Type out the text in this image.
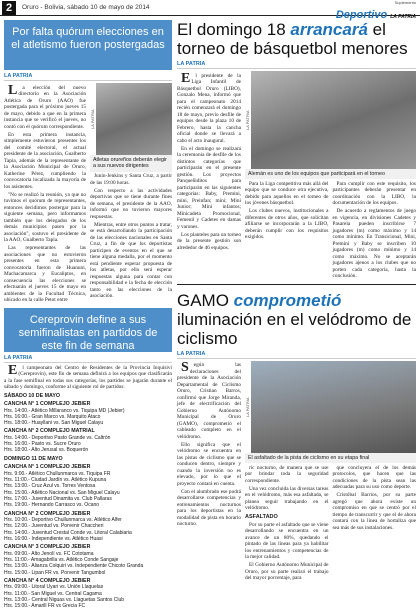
2	Oruro - Bolivia, sábado 10 de mayo de 2014
Suplemento
Deportivo LA PATRIA
Por falta quórum elecciones en el atletismo fueron postergadas
LA PATRIA

La elección del nuevo directorio en la Asociación Atlética de Oruro (AAO) fue postergada para el próximo jueves 15 de mayo, debido a que en la primera instancia que se verificó el jueves, no contó con el quórum correspondiente.

En esta primera instancia, simplemente estuvieron presentes los del comité electoral, el actual presidente de la asociación, Gualberto Tapia, además de la representante de la Asociación Municipal de Oruro, Katherine Pérez, cumpliendo la convocatoria localizada la mayoría de los asistentes.

"No se realizó la reunión, ya que no tuvimos el quórum de representantes, entonces decidimos postergar para la siguiente semana, pero informamos también que los delegados de los demás municipios pasen por la asociación", sostuvo el presidente de la AAO, Gualberto Tapia.

Las representantes de las asociaciones que no estuvieron presentes en esta primera convocatoria fueron de Huanuni, Machacamarca y Eucaliptos, en consecuencia las elecciones se efectuarán el jueves 15 de mayo en ambientes de la Facultad Técnica, ubicado en la calle Petot entre

LA PATRIA
Atletas orureños deberán elegir a sus nuevos dirigentes

Junín-Jenkins y Santa Cruz, a partir de las 19:00 horas.

Con respecto a las actividades deportivas que se tiene durante fines de semana, el presidente de la AAO, informó que no tuvieron mayores respuestas.

Mientras, entre otros puntos a tratar, se está desarrollando la participación de las elecciones nacionales en Santa Cruz, a fin de que los deportistas participen de eventos en el que se tiene alguna medalla, por el momento está pendiente esperar propuesta de los atletas, por ello será esperar respuestas alguna para contar con responsabilidad e la fecha de elección tanto en las elecciones de la asociación.

Cereprovin define a sus semifinalistas en partidos de este fin de semana
LA PATRIA

El campeonato del Centro de Residentes de la Provincia Inquisivi (Cereprovin), este fin de semana definirá a los equipos que clasificarán a la fase semifinal en todas sus categorías, los partidos se jugarán durante el sábado y domingo, conforme al siguiente rol de partidos:

SÁBADO 10 DE MAYO
CANCHA N° 1 COMPLEJO JEBIER
Hrs. 14:00.- Atlético Millaranco vs. Tiquipa MD (Jebier)
Hrs. 16:00.- Gran Marco vs. Marquito Ataco
Hrs. 18:00.- Huayllani vs. San Miguel Calayu
CANCHA N° 2 COMPLEJO MATRIAL
Hrs. 14:00.- Deportivo Pasto Grande vs. Caltrón
Hrs. 16:00.- Pasto vs. Sucre Oruro
Hrs. 18:00.- Alto Jerusal vs. Boquerón
DOMINGO 11 DE MAYO
CANCHA N° 1 COMPLEJO JEBIER
Hrs. 9:00.- Atlético Chullunmarca vs. Tiquipa FR
Hrs. 11:00.- Ciudad Jardín vs. Atlético Kupuna
Hrs. 13:00.- Cruz Azul vs. Torres Ventosa
Hrs. 15:00.- Atlético Nacional vs. San Miguel Calayu
Hrs. 17:00.- Juventud Dinamita vs. Club Pallaras
Hrs. 19:00.- Hernando Carrasco vs. Ocano
CANCHA N° 2 COMPLEJO JEBIER
Hrs. 10:00.- Deportivo Chullunmarca vs. Atlético Alfer
Hrs. 12:00.- Juventud vs. Porvenir Chaccheri
Hrs. 14:00.- Juventud Crestal Conde vs. Litoral Calabiaria
Hrs. 16:00.- Independiente vs. Atlético Huasi
CANCHA N° 3 COMPLEJO JEBIER
Hrs. 09:00.- Alto Jenolí vs. FC Cototama
Hrs. 11:00.- Amagabrilla vs. Atlético Conde Sangaje
Hrs. 13:00.- Alianza Colquiri vs. Independiente Chicoto Granda
Hrs. 15:00.- Lipan FR vs. Porvenir Tangumbol
CANCHA N° 4 COMPLEJO JEBIER
Hrs. 09:00.- Litoral Uyari vs. Unión Llaquelas
Hrs. 11:00.- San Miguel vs. Central Cagama
Hrs. 13:00.- Central Niguas vs. Llaguetas Santos Club
Hrs. 15:00.- Amarill FR vs Grecia FC
El domingo 18 arrancará el torneo de básquetbol menores
LA PATRIA

El presidente de la Liga Infantil de Básquetbol Oruro (LIBO), Gonzalo Mena, informó que para el campeonato 2014 recién comenzará el domingo 18 de mayo, previo desfile de equipos desde la plaza 10 de Febrero, hasta la cancha oficial donde se llevará a cabo el acto inaugural.

En el domingo se realizará la ceremonia de desfile de los distintos categorías que participarán en el presente gestión. Los proyectos Panqueñiditos para participarán en las siguientes categorías: Baby, Premini, mini, Preinfan; mini; Mini Junior; Mini infantos; Minicadeta Promocional, Femenil y Cadetes en damas y varones.

Los planteles para un torneo de la presente gestión son alrededor de 46 equipos.

LA PATRIA
Alemán es uno de los equipos que participará en el torneo

Para la Liga competitiva más allá del equipo que se conduce otra ejecutiva, debido para aquellos en el torneo de los jóvenes básquetbol.

Los clubes nuevos, institucionales a diferentes de otros años, que solicitan afiliarse se incorporarán a la LIBO, deberán cumplir con los requisitos exigidos.

Para cumplir con este requisito, los participantes deberán presentar en coordinación con la LIBO, la documentación de los equipos.

De acuerdo a reglamentos de juego en vigencia, en divisiones Cadetes y Pasarela pueden inscribirse 7 jugadores (m) como máximo y 14 como mínimo. En Transicional, Mini, Premini y Baby se inscriben 10 jugadores (m) como mínimo y 14 como máximo. No se aceptarán jugadores ajenos a los clubes que no porten cada categoría, hasta la conclusión.

GAMO comprometió iluminación en el velódromo de ciclismo
LA PATRIA

Según las declaraciones del presidente de la Asociación Departamental de Ciclismo Oruro, Cristian Barros, confirmó que Jorge Miranda, jefe de electrificación del Gobierno Autónomo Municipal de Oruro (GAMO), comprometió el cableado completo en el velódromo.

Ello significa que el velódromo se encuentra en las pistas de ciclismo que se conducen dentro, siempre y cuando la inversión no es elevado, por lo que el proyecto contará en cuenta.

Con el alumbrado ese podrá desarrollarse competencias y entrenamientos nocturnos para los deportistas en la modalidad de pista en horario nocturno.

LA PATRIA
El asfaltado de la pista de ciclismo en su etapa final

ric nocturno, de manera que se use por brindar toda la seguridad correspondiente.

Una vez concluida las diversas tareas en el velódromo, más esa asfaltada, se planea seguir trabajando en el velódromo.

ASFALTADO

Por su parte el asfaltado que se viene desarrollando se encuentra en un avance de un 80%, quedando el pintado de las líneas para ya habilitar los entrenamientos y competencias de la mejor calidad.

El Gobierno Autónomo Municipal de Oruro, por su parte realizó el trabajo del mayor porcentaje, para

que concluyera el de los demás protocolos, que hacen que las condiciones de la pista sean las adecuadas para su uso como deporte.

Cristóbal Barrios, por su parte agregó que ahora existe un compromiso en que se centró por el tiempo de transcurrir y que el de ahora contará con la línea de hortaliza que sea más de sus instalaciones.
